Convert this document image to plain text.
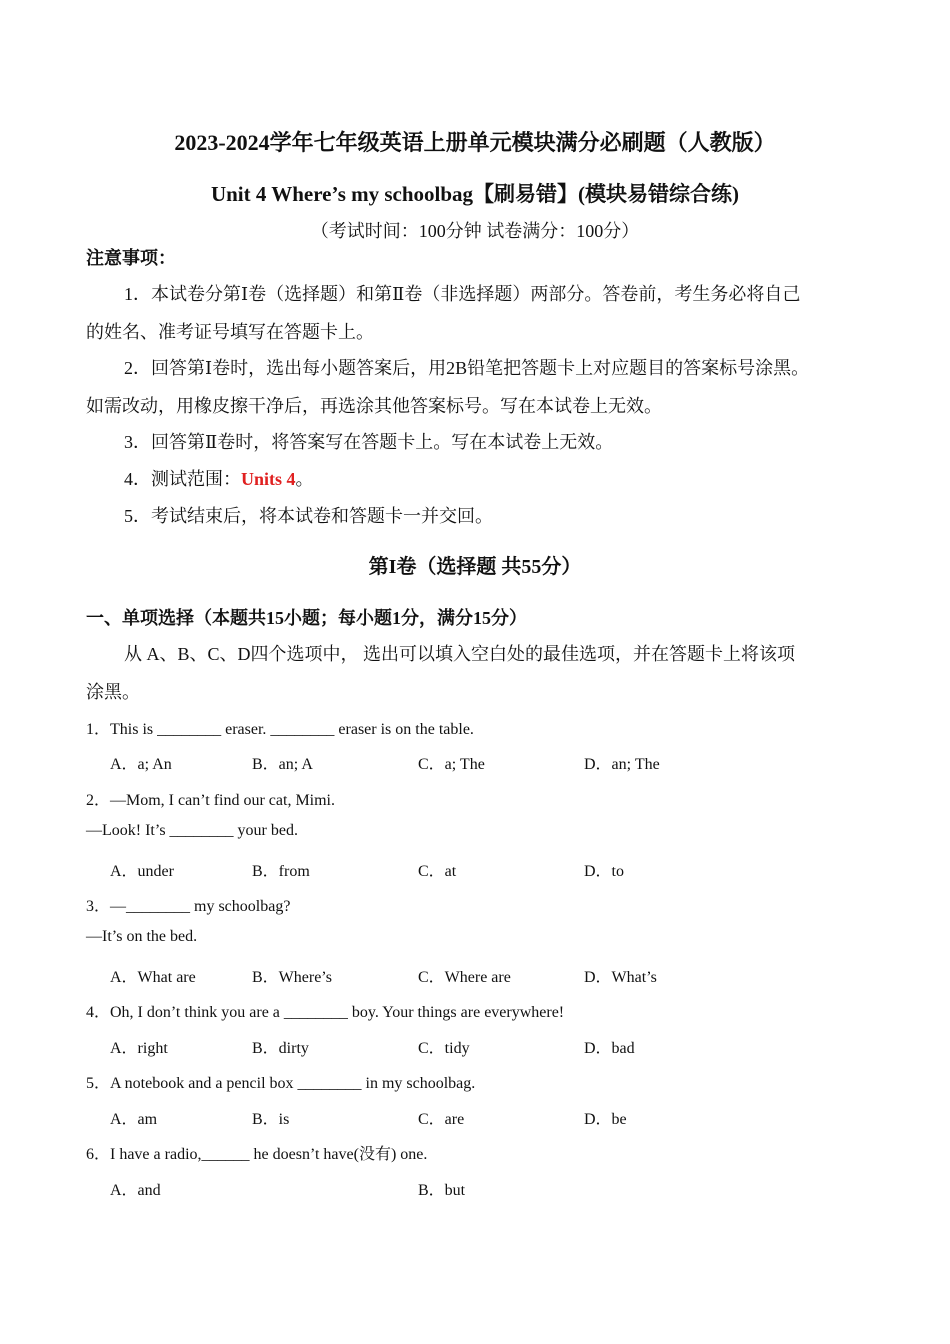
2023-2024学年七年级英语上册单元模块满分必刷题（人教版）
Unit 4 Where’s my schoolbag【刷易错】(模块易错综合练)
（考试时间：100分钟 试卷满分：100分）
注意事项：
1．本试卷分第Ⅰ卷（选择题）和第Ⅱ卷（非选择题）两部分。答卷前，考生务必将自己
的姓名、准考证号填写在答题卡上。
2．回答第Ⅰ卷时，选出每小题答案后，用2B铅笔把答题卡上对应题目的答案标号涂黑。
如需改动，用橡皮擦干净后，再选涂其他答案标号。写在本试卷上无效。
3．回答第Ⅱ卷时，将答案写在答题卡上。写在本试卷上无效。
4．测试范围：Units 4。
5．考试结束后，将本试卷和答题卡一并交回。
第I卷（选择题 共55分）
一、单项选择（本题共15小题；每小题1分，满分15分）
从 A、B、C、D四个选项中， 选出可以填入空白处的最佳选项，并在答题卡上将该项
涂黑。
1．This is ________ eraser. ________ eraser is on the table.
A．a; An	B．an; A	C．a; The	D．an; The
2．—Mom, I can’t find our cat, Mimi.
—Look! It’s ________ your bed.
A．under	B．from	C．at	D．to
3．—________ my schoolbag?
—It’s on the bed.
A．What are	B．Where’s	C．Where are	D．What’s
4．Oh, I don’t think you are a ________ boy. Your things are everywhere!
A．right	B．dirty	C．tidy	D．bad
5．A notebook and a pencil box ________ in my schoolbag.
A．am	B．is	C．are	D．be
6．I have a radio,______ he doesn’t have(没有) one.
A．and	B．but
